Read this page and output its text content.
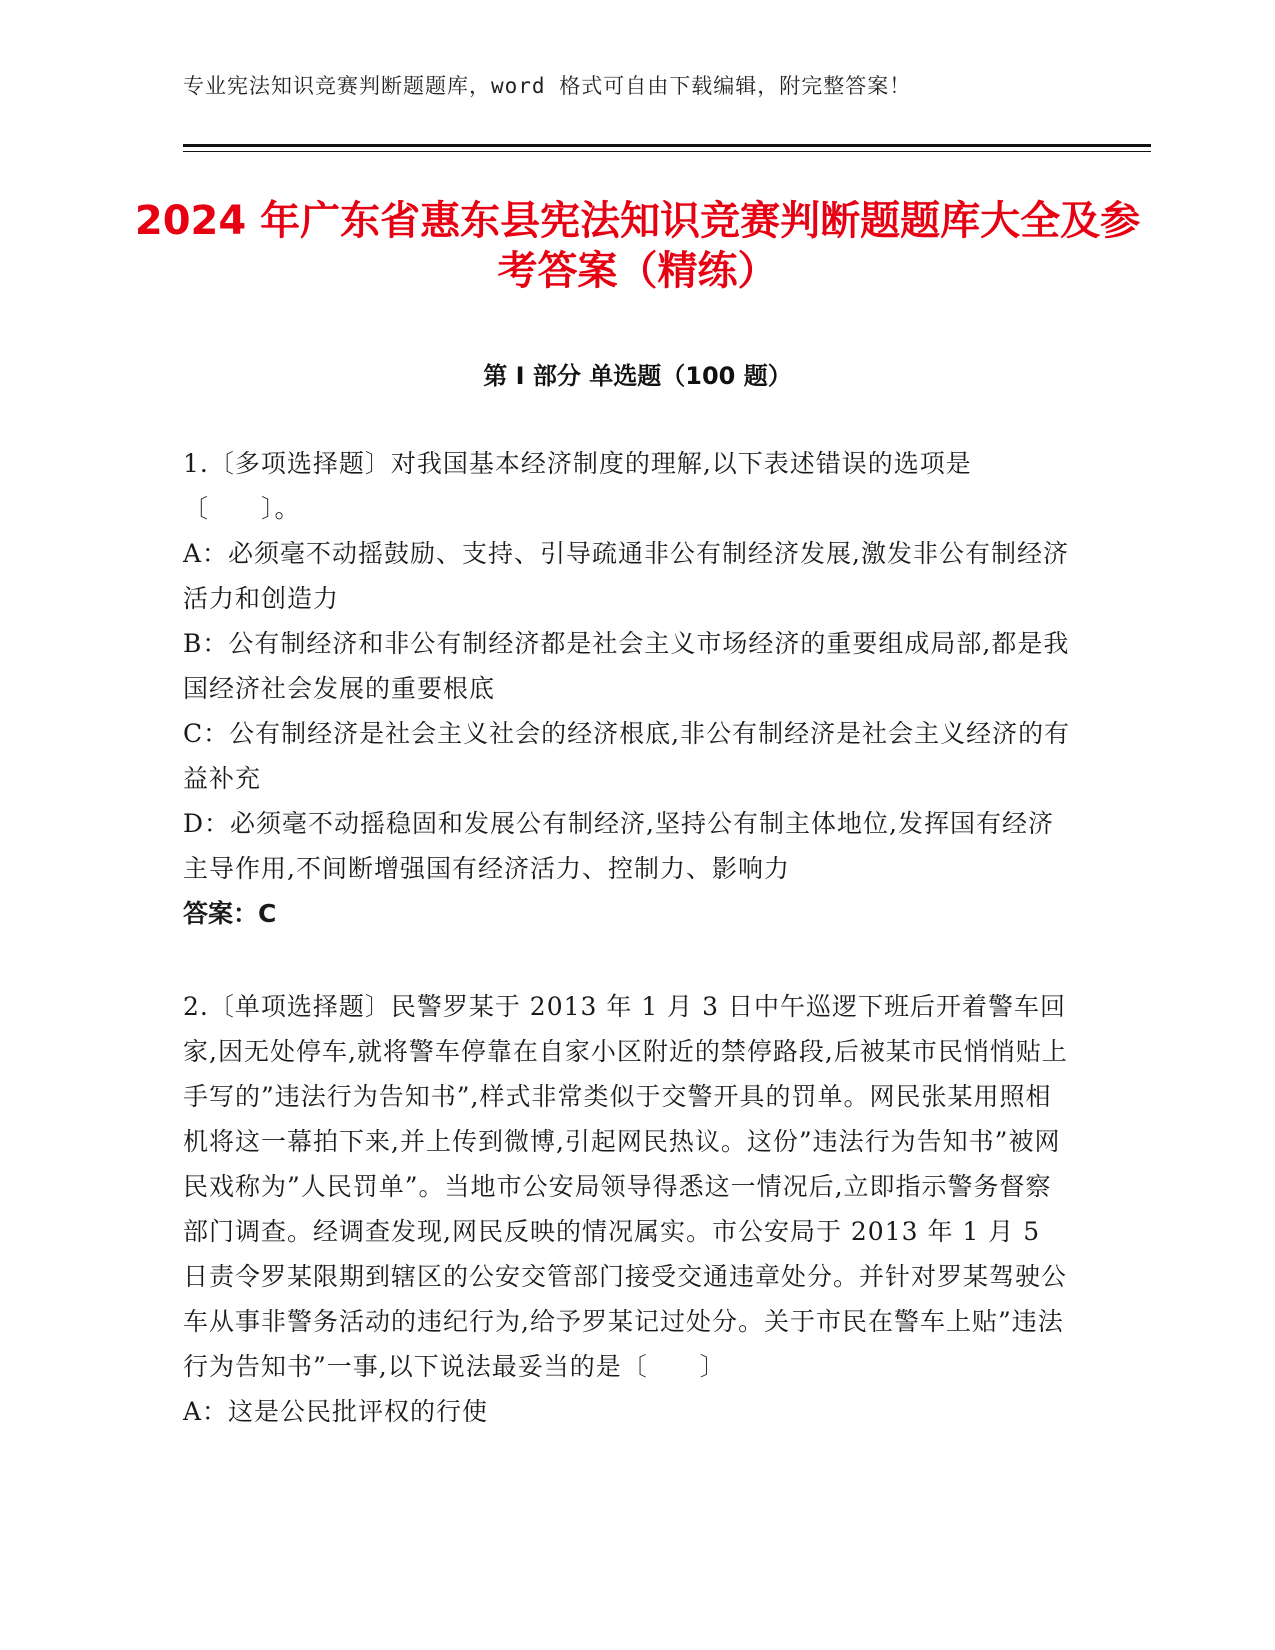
专业宪法知识竞赛判断题题库，word 格式可自由下载编辑，附完整答案！
2024 年广东省惠东县宪法知识竞赛判断题题库大全及参考答案（精练）
第 I 部分 单选题（100 题）

1.〔多项选择题〕对我国基本经济制度的理解,以下表述错误的选项是〔　　〕。

A：必须毫不动摇鼓励、支持、引导疏通非公有制经济发展,激发非公有制经济活力和创造力

B：公有制经济和非公有制经济都是社会主义市场经济的重要组成局部,都是我国经济社会发展的重要根底

C：公有制经济是社会主义社会的经济根底,非公有制经济是社会主义经济的有益补充

D：必须毫不动摇稳固和发展公有制经济,坚持公有制主体地位,发挥国有经济主导作用,不间断增强国有经济活力、控制力、影响力

答案：C

2.〔单项选择题〕民警罗某于 2013 年 1 月 3 日中午巡逻下班后开着警车回家,因无处停车,就将警车停靠在自家小区附近的禁停路段,后被某市民悄悄贴上手写的”违法行为告知书”,样式非常类似于交警开具的罚单。网民张某用照相机将这一幕拍下来,并上传到微博,引起网民热议。这份”违法行为告知书”被网民戏称为”人民罚单”。当地市公安局领导得悉这一情况后,立即指示警务督察部门调查。经调查发现,网民反映的情况属实。市公安局于 2013 年 1 月 5 日责令罗某限期到辖区的公安交管部门接受交通违章处分。并针对罗某驾驶公车从事非警务活动的违纪行为,给予罗某记过处分。关于市民在警车上贴”违法行为告知书”一事,以下说法最妥当的是〔　　〕

A：这是公民批评权的行使
